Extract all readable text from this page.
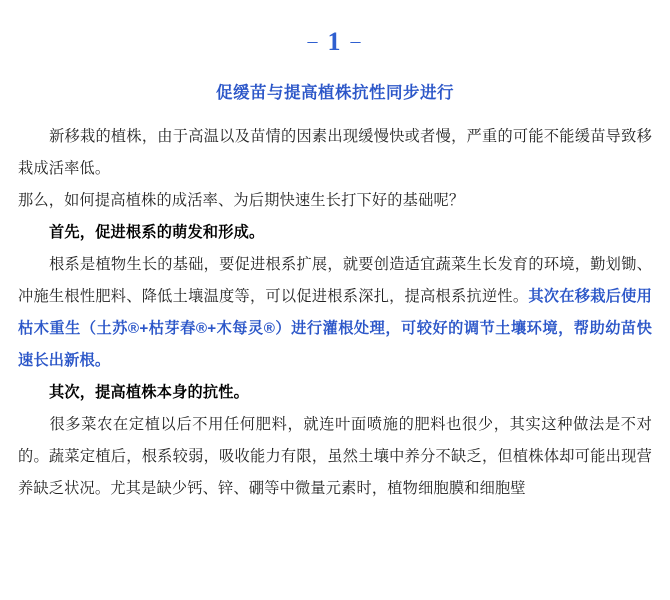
– 1 –
促缓苗与提高植株抗性同步进行

新移栽的植株，由于高温以及苗情的因素出现缓慢快或者慢，严重的可能不能缓苗导致移栽成活率低。

那么，如何提高植株的成活率、为后期快速生长打下好的基础呢？

首先，促进根系的萌发和形成。

根系是植物生长的基础，要促进根系扩展，就要创造适宜蔬菜生长发育的环境，勤划锄、冲施生根性肥料、降低土壤温度等，可以促进根系深扎，提高根系抗逆性。其次在移栽后使用枯木重生（土苏®+枯芽春®+木每灵®）进行灌根处理，可较好的调节土壤环境，帮助幼苗快速长出新根。

其次，提高植株本身的抗性。

很多菜农在定植以后不用任何肥料，就连叶面喷施的肥料也很少，其实这种做法是不对的。蔬菜定植后，根系较弱，吸收能力有限，虽然土壤中养分不缺乏，但植株体却可能出现营养缺乏状况。尤其是缺少钙、锌、硼等中微量元素时，植物细胞膜和细胞壁
